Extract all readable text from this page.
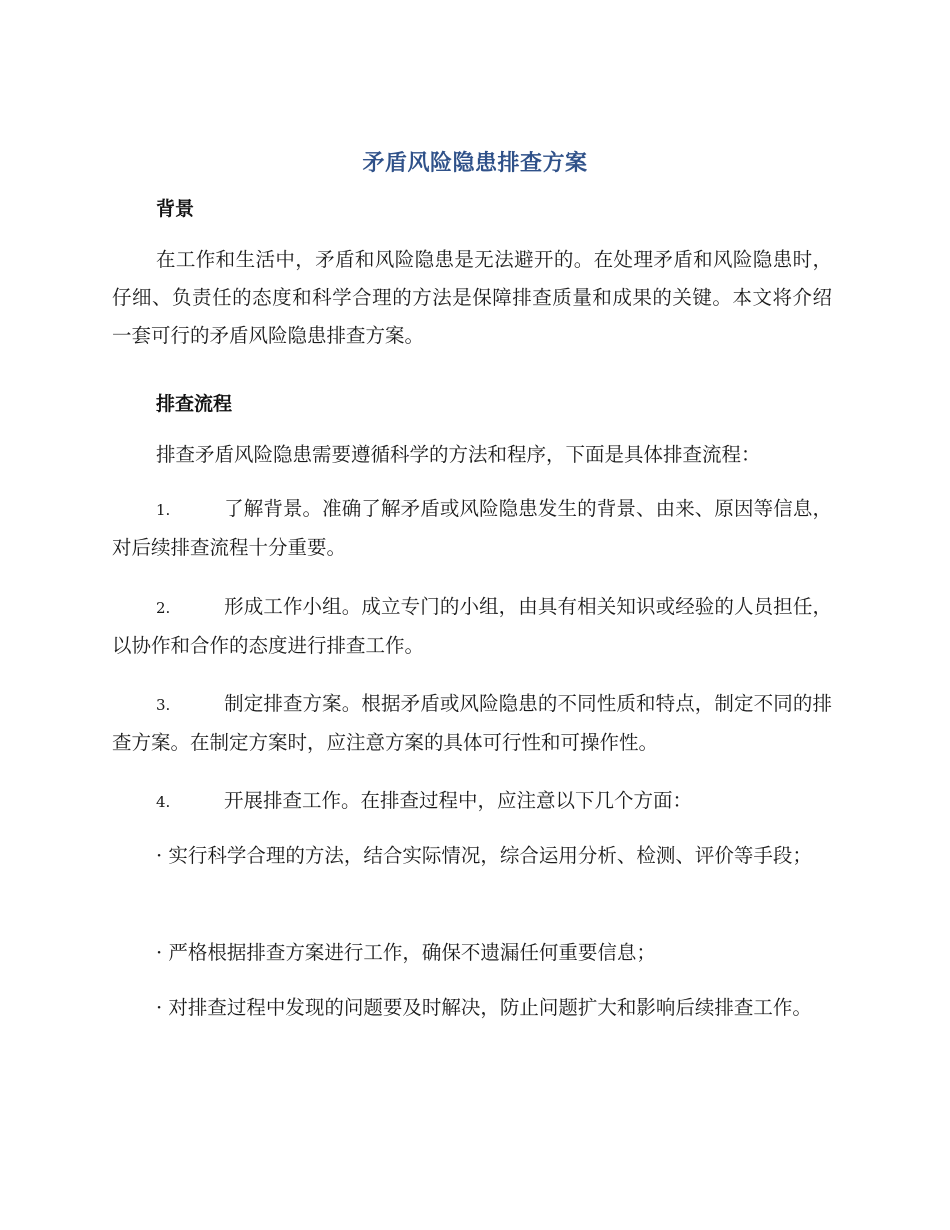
矛盾风险隐患排查方案
背景
在工作和生活中，矛盾和风险隐患是无法避开的。在处理矛盾和风险隐患时，仔细、负责任的态度和科学合理的方法是保障排查质量和成果的关键。本文将介绍一套可行的矛盾风险隐患排查方案。
排查流程
排查矛盾风险隐患需要遵循科学的方法和程序，下面是具体排查流程：
1.	了解背景。准确了解矛盾或风险隐患发生的背景、由来、原因等信息，对后续排查流程十分重要。
2.	形成工作小组。成立专门的小组，由具有相关知识或经验的人员担任，以协作和合作的态度进行排查工作。
3.	制定排查方案。根据矛盾或风险隐患的不同性质和特点，制定不同的排查方案。在制定方案时，应注意方案的具体可行性和可操作性。
4.	开展排查工作。在排查过程中，应注意以下几个方面：
· 实行科学合理的方法，结合实际情况，综合运用分析、检测、评价等手段；
· 严格根据排查方案进行工作，确保不遗漏任何重要信息；
· 对排查过程中发现的问题要及时解决，防止问题扩大和影响后续排查工作。
